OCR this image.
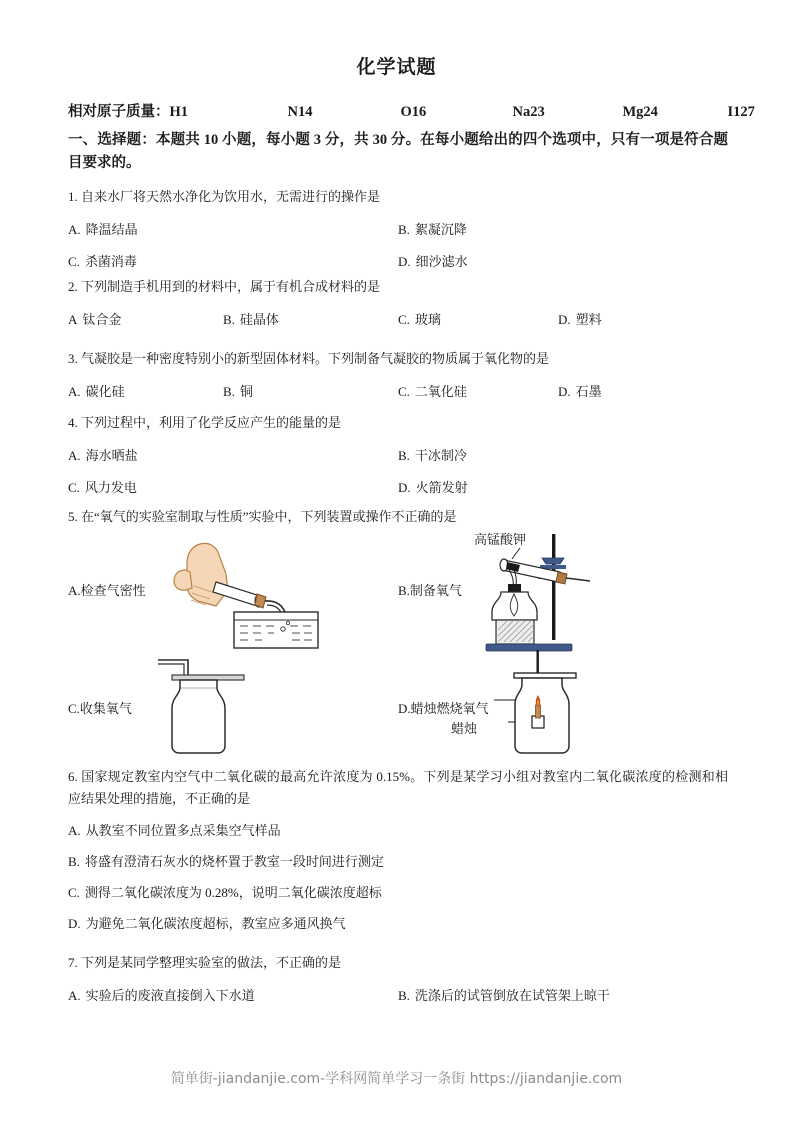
化学试题
相对原子质量：H1	N14	O16	Na23	Mg24	I127
一、选择题：本题共 10 小题，每小题 3 分，共 30 分。在每小题给出的四个选项中，只有一项是符合题目要求的。
1. 自来水厂将天然水净化为饮用水，无需进行的操作是
A. 降温结晶	B. 絮凝沉降
C. 杀菌消毒	D. 细沙滤水
2. 下列制造手机用到的材料中，属于有机合成材料的是
A 钛合金	B. 硅晶体	C. 玻璃	D. 塑料
3. 气凝胶是一种密度特别小的新型固体材料。下列制备气凝胶的物质属于氧化物的是
A. 碳化硅	B. 铜	C. 二氧化硅	D. 石墨
4. 下列过程中，利用了化学反应产生的能量的是
A. 海水晒盐	B. 干冰制冷
C. 风力发电	D. 火箭发射
5. 在“氧气的实验室制取与性质”实验中，下列装置或操作不正确的是
A.检查气密性	B.制备氧气
高锰酸钾
C.收集氧气	D.蜡烛燃烧氧气
蜡烛
6. 国家规定教室内空气中二氧化碳的最高允许浓度为 0.15%。下列是某学习小组对教室内二氧化碳浓度的检测和相应结果处理的措施，不正确的是
A. 从教室不同位置多点采集空气样品
B. 将盛有澄清石灰水的烧杯置于教室一段时间进行测定
C. 测得二氧化碳浓度为 0.28%，说明二氧化碳浓度超标
D. 为避免二氧化碳浓度超标，教室应多通风换气
7. 下列是某同学整理实验室的做法，不正确的是
A. 实验后的废液直接倒入下水道	B. 洗涤后的试管倒放在试管架上晾干
简单街-jiandanjie.com-学科网简单学习一条街 https://jiandanjie.com
